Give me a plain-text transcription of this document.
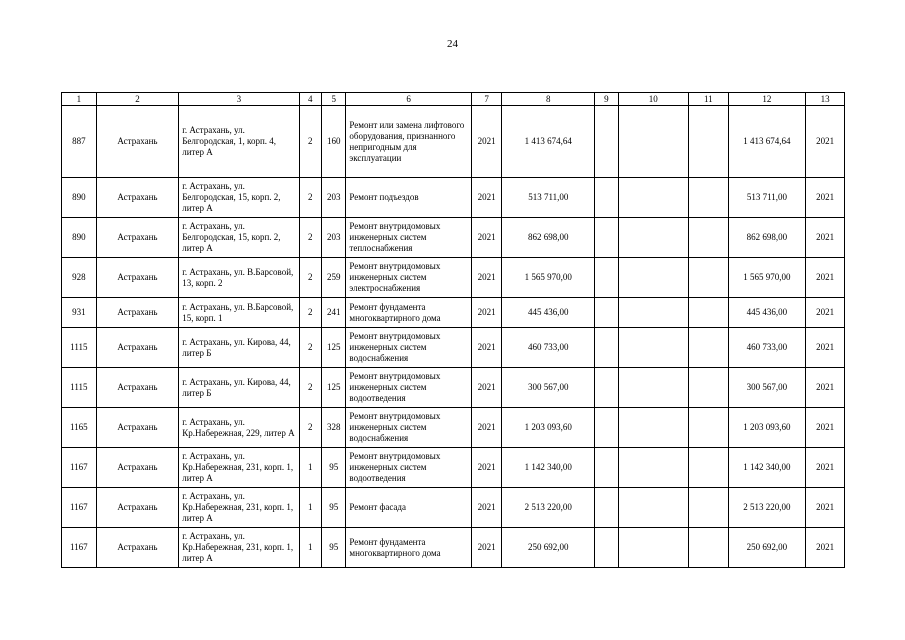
24
1	2	3	4	5	6	7	8	9	10	11	12	13
887	Астрахань	г. Астрахань, ул. Белгородская, 1, корп. 4, литер А	2	160	Ремонт или замена лифтового оборудования, признанного непригодным для эксплуатации	2021	1 413 674,64				1 413 674,64	2021
890	Астрахань	г. Астрахань, ул. Белгородская, 15, корп. 2, литер А	2	203	Ремонт подъездов	2021	513 711,00				513 711,00	2021
890	Астрахань	г. Астрахань, ул. Белгородская, 15, корп. 2, литер А	2	203	Ремонт внутридомовых инженерных систем теплоснабжения	2021	862 698,00				862 698,00	2021
928	Астрахань	г. Астрахань, ул. В.Барсовой, 13, корп. 2	2	259	Ремонт внутридомовых инженерных систем электроснабжения	2021	1 565 970,00				1 565 970,00	2021
931	Астрахань	г. Астрахань, ул. В.Барсовой, 15, корп. 1	2	241	Ремонт фундамента многоквартирного дома	2021	445 436,00				445 436,00	2021
1115	Астрахань	г. Астрахань, ул. Кирова, 44, литер Б	2	125	Ремонт внутридомовых инженерных систем водоснабжения	2021	460 733,00				460 733,00	2021
1115	Астрахань	г. Астрахань, ул. Кирова, 44, литер Б	2	125	Ремонт внутридомовых инженерных систем водоотведения	2021	300 567,00				300 567,00	2021
1165	Астрахань	г. Астрахань, ул. Кр.Набережная, 229, литер А	2	328	Ремонт внутридомовых инженерных систем водоснабжения	2021	1 203 093,60				1 203 093,60	2021
1167	Астрахань	г. Астрахань, ул. Кр.Набережная, 231, корп. 1, литер А	1	95	Ремонт внутридомовых инженерных систем водоотведения	2021	1 142 340,00				1 142 340,00	2021
1167	Астрахань	г. Астрахань, ул. Кр.Набережная, 231, корп. 1, литер А	1	95	Ремонт фасада	2021	2 513 220,00				2 513 220,00	2021
1167	Астрахань	г. Астрахань, ул. Кр.Набережная, 231, корп. 1, литер А	1	95	Ремонт фундамента многоквартирного дома	2021	250 692,00				250 692,00	2021
